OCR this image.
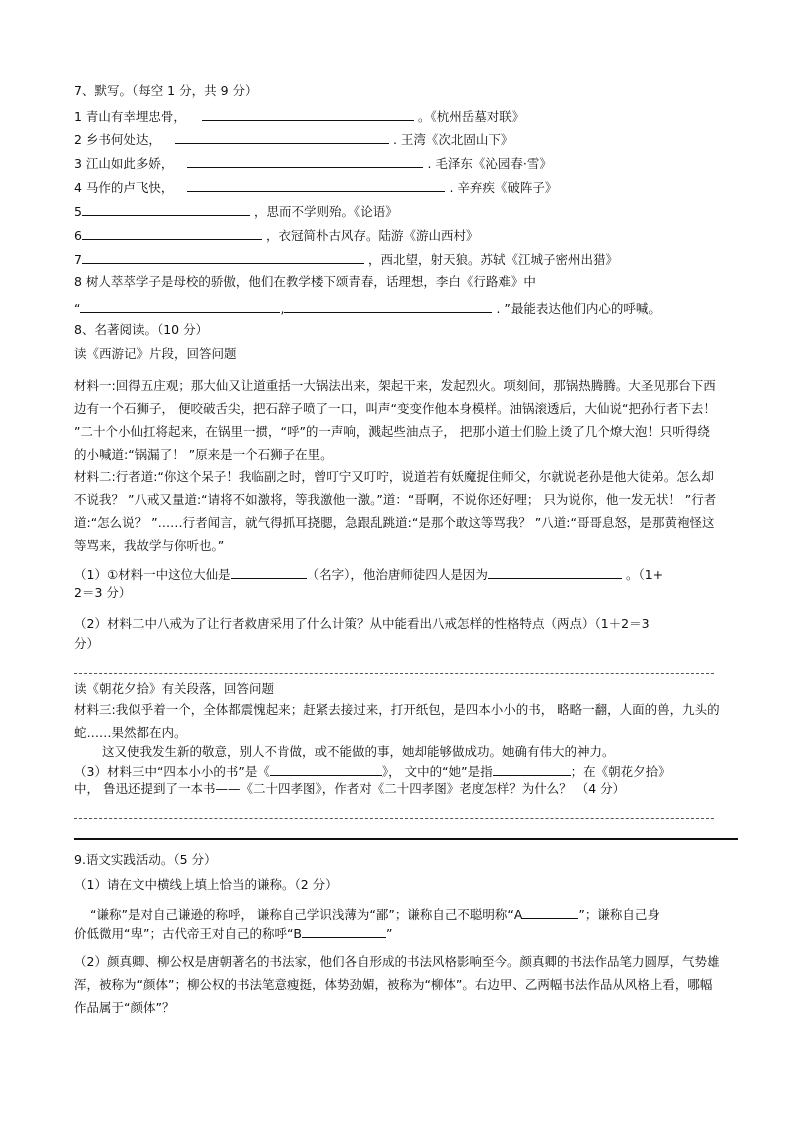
7、默写。（每空 1 分，共 9 分）
1 青山有幸埋忠骨，	。《杭州岳墓对联》
2 乡书何处达，	. 王湾《次北固山下》
3 江山如此多娇，	. 毛泽东《沁园春·雪》
4 马作的卢飞快，	. 辛弃疾《破阵子》
5	，思而不学则殆。《论语》
6	，衣冠简朴古风存。陆游《游山西村》
7	，西北望，射天狼。苏轼《江城子密州出猎》
8 树人萃萃学子是母校的骄傲，他们在教学楼下颂青春，话理想，李白《行路难》中
“	,	. ”最能表达他们内心的呼喊。
8、名著阅读。（10 分）
读《西游记》片段，回答问题
材料一:回得五庄观；那大仙又让道重括一大锅法出来，架起干来，发起烈火。项刻间，那锅热腾腾。大圣见那台下西边有一个石狮子， 便咬破舌尖，把石辞子喷了一口，叫声“变变作他本身模样。油锅滚透后，大仙说“把孙行者下去！ ”二十个小仙扛将起来，在锅里一掼，“呼”的一声响，溅起些油点子， 把那小道士们脸上烫了几个燎大泡！只听得绕的小喊道:“锅漏了！ ”原来是一个石狮子在里。
材料二:行者道:“你这个呆子！我临副之时，曾叮宁又叮咛，说道若有妖魔捉住师父，尔就说老孙是他大徒弟。怎么却不说我？ ”八戒又量道:“请将不如激将，等我激他一激。”道：“哥啊，不说你还好哩； 只为说你，他一发无状！ ”行者道:“怎么说？ ”……行者闻言，就气得抓耳挠腮，急跟乱跳道:“是那个敢这等骂我？ ”八道:“哥哥息怒，是那黄袍怪这等骂来，我故学与你听也。”
（1）①材料一中这位大仙是	（名字），他治唐师徒四人是因为	。（1+
2＝3 分）
（2）材料二中八戒为了让行者救唐采用了什么计策？从中能看出八戒怎样的性格特点（两点）（1＋2＝3
分）
读《朝花夕拾》有关段落，回答问题
材料三:我似乎着一个，全体都震愧起来；赶紧去接过来，打开纸包，是四本小小的书， 略略一翻，人面的兽，九头的蛇……果然都在内。
这又使我发生新的敬意，别人不肯做，或不能做的事，她却能够做成功。她确有伟大的神力。
（3）材料三中“四本小小的书”是《	》， 文中的“她”是指	；在《朝花夕拾》
中， 鲁迅还提到了一本书——《二十四孝图》，作者对《二十四孝图》老度怎样？为什么？ （4 分）
9.语文实践活动。（5 分）
（1）请在文中横线上填上恰当的谦称。（2 分）
“谦称”是对自己谦逊的称呼， 谦称自己学识浅薄为“鄙”；谦称自己不聪明称“A	”；谦称自己身
价低微用“卑”；古代帝王对自己的称呼“B	”
（2）颜真卿、柳公权是唐朝著名的书法家，他们各自形成的书法风格影响至今。颜真卿的书法作品笔力圆厚，气势雄浑，被称为“颜体”；柳公权的书法笔意瘦挺，体势劲媚，被称为“柳体”。右边甲、乙两幅书法作品从风格上看，哪幅作品属于“颜体”？
